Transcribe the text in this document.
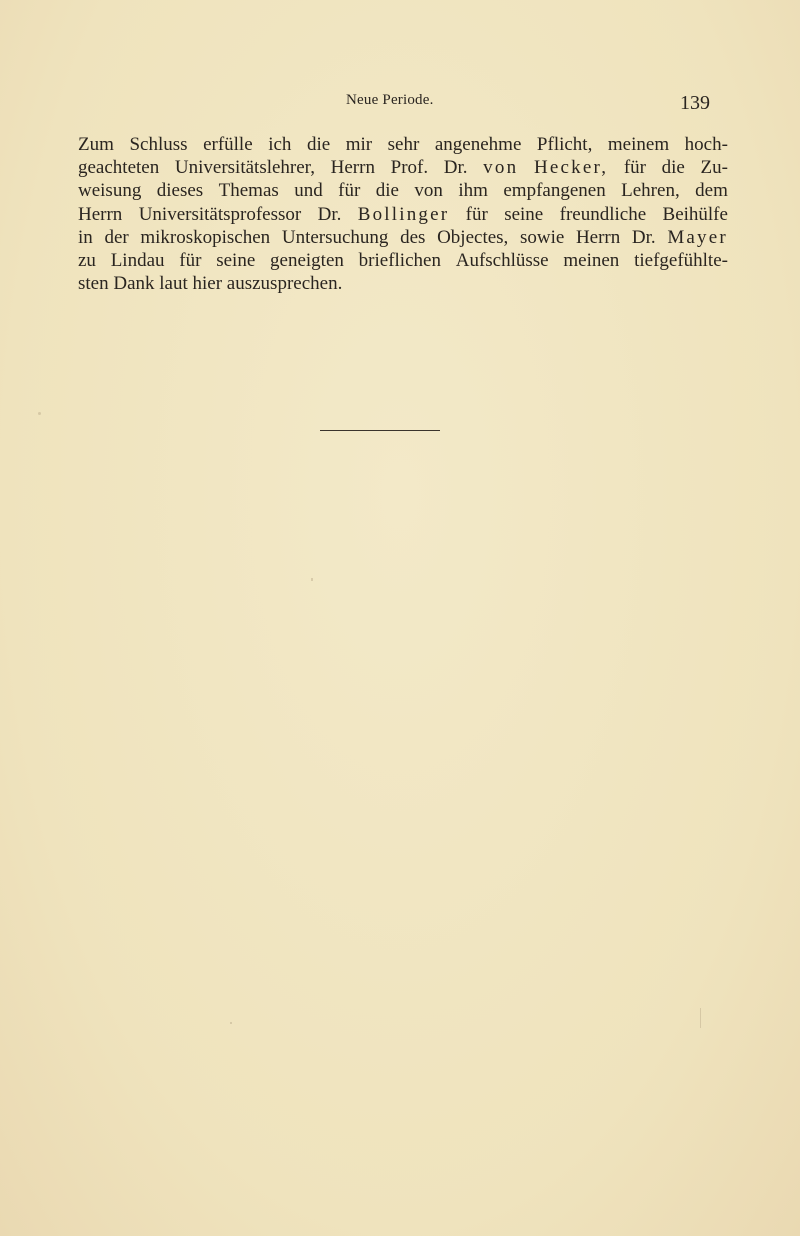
Neue Periode.	139
Zum Schluss erfülle ich die mir sehr angenehme Pflicht, meinem hoch-
geachteten Universitätslehrer, Herrn Prof. Dr. von Hecker, für die Zu-
weisung dieses Themas und für die von ihm empfangenen Lehren, dem
Herrn Universitätsprofessor Dr. Bollinger für seine freundliche Beihülfe
in der mikroskopischen Untersuchung des Objectes, sowie Herrn Dr. Mayer
zu Lindau für seine geneigten brieflichen Aufschlüsse meinen tiefgefühlte-
sten Dank laut hier auszusprechen.
